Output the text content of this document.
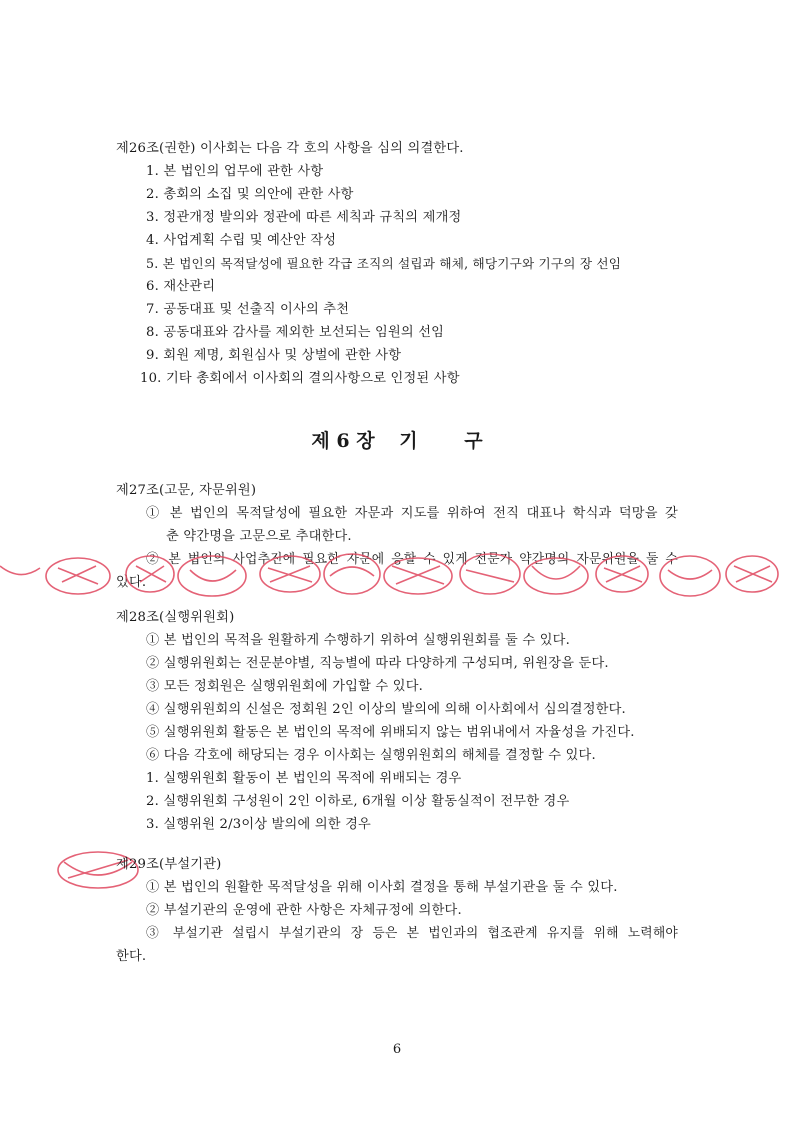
제26조(권한) 이사회는 다음 각 호의 사항을 심의 의결한다.
1. 본 법인의 업무에 관한 사항
2. 총회의 소집 및 의안에 관한 사항
3. 정관개정 발의와 정관에 따른 세칙과 규칙의 제개정
4. 사업계획 수립 및 예산안 작성
5. 본 법인의 목적달성에 필요한 각급 조직의 설립과 해체, 해당기구와 기구의 장 선임
6. 재산관리
7. 공동대표 및 선출직 이사의 추천
8. 공동대표와 감사를 제외한 보선되는 임원의 선임
9. 회원 제명, 회원심사 및 상벌에 관한 사항
10. 기타 총회에서 이사회의 결의사항으로 인정된 사항
제 6 장 기 구
제27조(고문, 자문위원)
① 본 법인의 목적달성에 필요한 자문과 지도를 위하여 전직 대표나 학식과 덕망을 갖
춘 약간명을 고문으로 추대한다.
② 본 법인의 사업추진에 필요한 자문에 응할 수 있게 전문가 약간명의 자문위원을 둘 수
있다.
제28조(실행위원회)
① 본 법인의 목적을 원활하게 수행하기 위하여 실행위원회를 둘 수 있다.
② 실행위원회는 전문분야별, 직능별에 따라 다양하게 구성되며, 위원장을 둔다.
③ 모든 정회원은 실행위원회에 가입할 수 있다.
④ 실행위원회의 신설은 정회원 2인 이상의 발의에 의해 이사회에서 심의결정한다.
⑤ 실행위원회 활동은 본 법인의 목적에 위배되지 않는 범위내에서 자율성을 가진다.
⑥ 다음 각호에 해당되는 경우 이사회는 실행위원회의 해체를 결정할 수 있다.
1. 실행위원회 활동이 본 법인의 목적에 위배되는 경우
2. 실행위원회 구성원이 2인 이하로, 6개월 이상 활동실적이 전무한 경우
3. 실행위원 2/3이상 발의에 의한 경우
제29조(부설기관)
① 본 법인의 원활한 목적달성을 위해 이사회 결정을 통해 부설기관을 둘 수 있다.
② 부설기관의 운영에 관한 사항은 자체규정에 의한다.
③ 부설기관 설립시 부설기관의 장 등은 본 법인과의 협조관계 유지를 위해 노력해야
한다.
6
